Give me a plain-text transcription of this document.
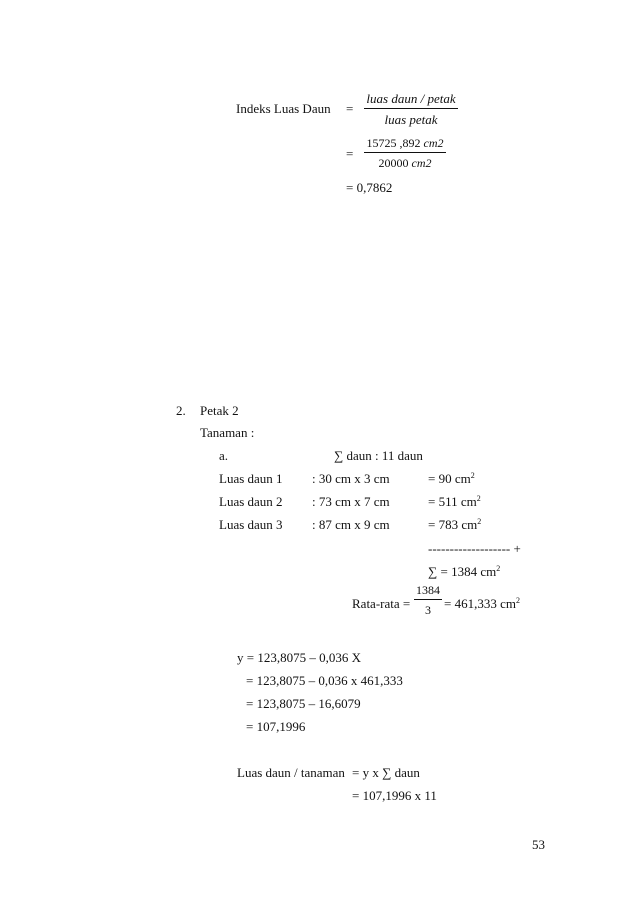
Indeks Luas Daun =
luas daun / petak
luas petak
= $\frac{15725 ,892 cm2}{20000 cm2}$
= 0,7862
2. Petak 2
Tanaman :
a.	∑ daun : 11 daun
Luas daun 1 : 30 cm x 3 cm	= 90 $cm^2$
Luas daun 2 : 73 cm x 7 cm	= 511 $cm^2$
Luas daun 3 : 87 cm x 9 cm	= 783 $cm^2$
------------------- +
∑ = 1384 $cm^2$
Rata-rata = $\frac{1384}{3} = 461,333$ $cm^2$
y = 123,8075 – 0,036 X
= 123,8075 – 0,036 x 461,333
= 123,8075 – 16,6079
= 107,1996
Luas daun / tanaman = y x ∑ daun
= 107,1996 x 11
53
